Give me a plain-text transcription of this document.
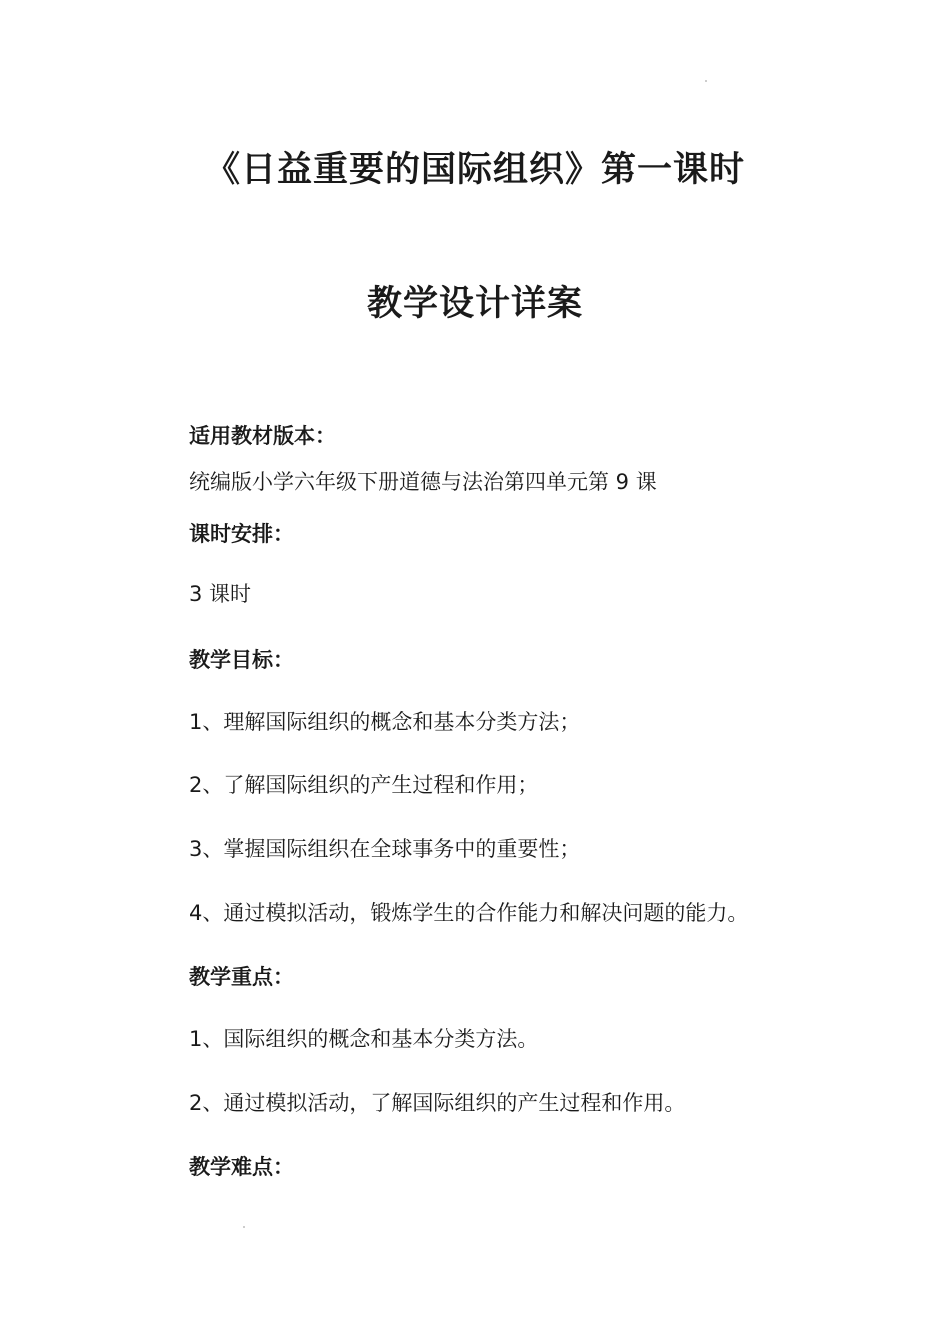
《日益重要的国际组织》第一课时
教学设计详案
适用教材版本：
统编版小学六年级下册道德与法治第四单元第 9 课
课时安排：
3 课时
教学目标：
1、理解国际组织的概念和基本分类方法；
2、了解国际组织的产生过程和作用；
3、掌握国际组织在全球事务中的重要性；
4、通过模拟活动，锻炼学生的合作能力和解决问题的能力。
教学重点：
1、国际组织的概念和基本分类方法。
2、通过模拟活动，了解国际组织的产生过程和作用。
教学难点：
